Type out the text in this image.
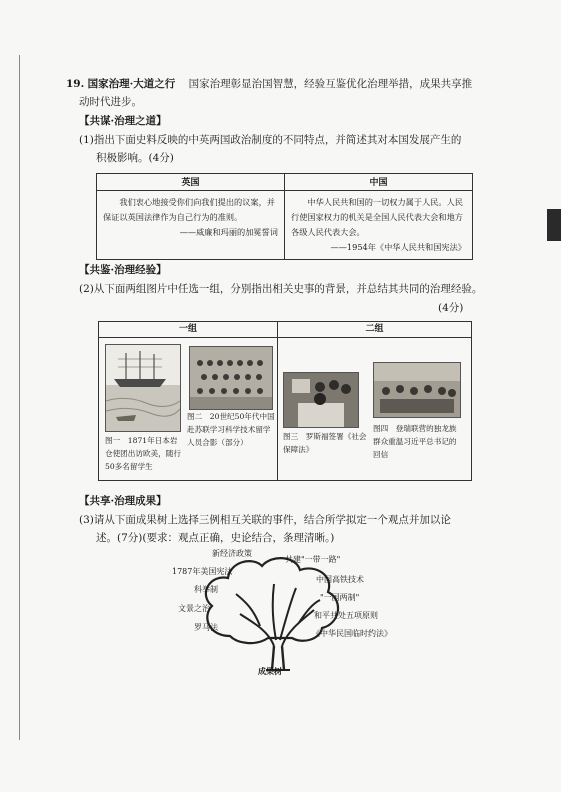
19. 国家治理·大道之行 国家治理彰显治国智慧，经验互鉴优化治理举措，成果共享推
动时代进步。
【共谋·治理之道】
(1)指出下面史料反映的中英两国政治制度的不同特点，并简述其对本国发展产生的
积极影响。(4分)
英国	中国

我们衷心地接受你们向我们提出的议案，并保证以英国法律作为自己行为的准则。
——威廉和玛丽的加冕誓词	中华人民共和国的一切权力属于人民。人民行使国家权力的机关是全国人民代表大会和地方各级人民代表大会。
——1954年《中华人民共和国宪法》
【共鉴·治理经验】
(2)从下面两组图片中任选一组，分别指出相关史事的背景，并总结其共同的治理经验。
(4分)
一组	二组
图一　1871年日本岩仓使团出访欧美，随行50多名留学生
图二　20世纪50年代中国赴苏联学习科学技术留学人员合影（部分）
图三　罗斯福签署《社会保障法》
图四　登瑞联营的独龙族群众重温习近平总书记的回信
【共享·治理成果】
(3)请从下面成果树上选择三例相互关联的事件，结合所学拟定一个观点并加以论
述。(7分)(要求：观点正确，史论结合，条理清晰。)
新经济政策
1787年美国宪法
科举制
文景之治
罗马法
共建"一带一路"
中国高铁技术
"一国两制"
和平共处五项原则
《中华民国临时约法》
成果树
